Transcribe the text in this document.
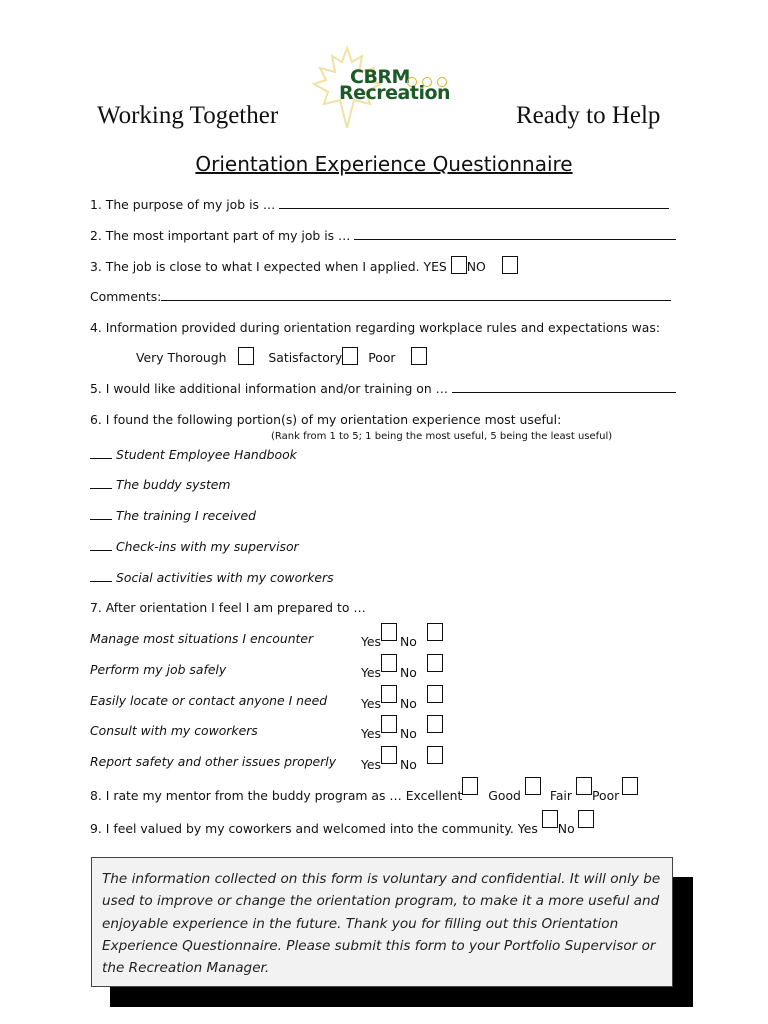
CBRM

Recreation
Working Together	Ready to Help
Orientation Experience Questionnaire
1. The purpose of my job is …
2. The most important part of my job is …
3. The job is close to what I expected when I applied. YES NO
Comments:
4. Information provided during orientation regarding workplace rules and expectations was:
Very Thorough	Satisfactory Poor
5. I would like additional information and/or training on …
6. I found the following portion(s) of my orientation experience most useful:
(Rank from 1 to 5; 1 being the most useful, 5 being the least useful)
Student Employee Handbook
The buddy system
The training I received
Check-ins with my supervisor
Social activities with my coworkers
7. After orientation I feel I am prepared to …
Manage most situations I encounter	Yes No
Perform my job safely	Yes No
Easily locate or contact anyone I need	Yes No
Consult with my coworkers	Yes No
Report safety and other issues properly Yes No
8. I rate my mentor from the buddy program as … Excellent Good Fair Poor
9. I feel valued by my coworkers and welcomed into the community. Yes No
The information collected on this form is voluntary and confidential. It will only be used to improve or change the orientation program, to make it a more useful and enjoyable experience in the future. Thank you for filling out this Orientation Experience Questionnaire. Please submit this form to your Portfolio Supervisor or the Recreation Manager.
